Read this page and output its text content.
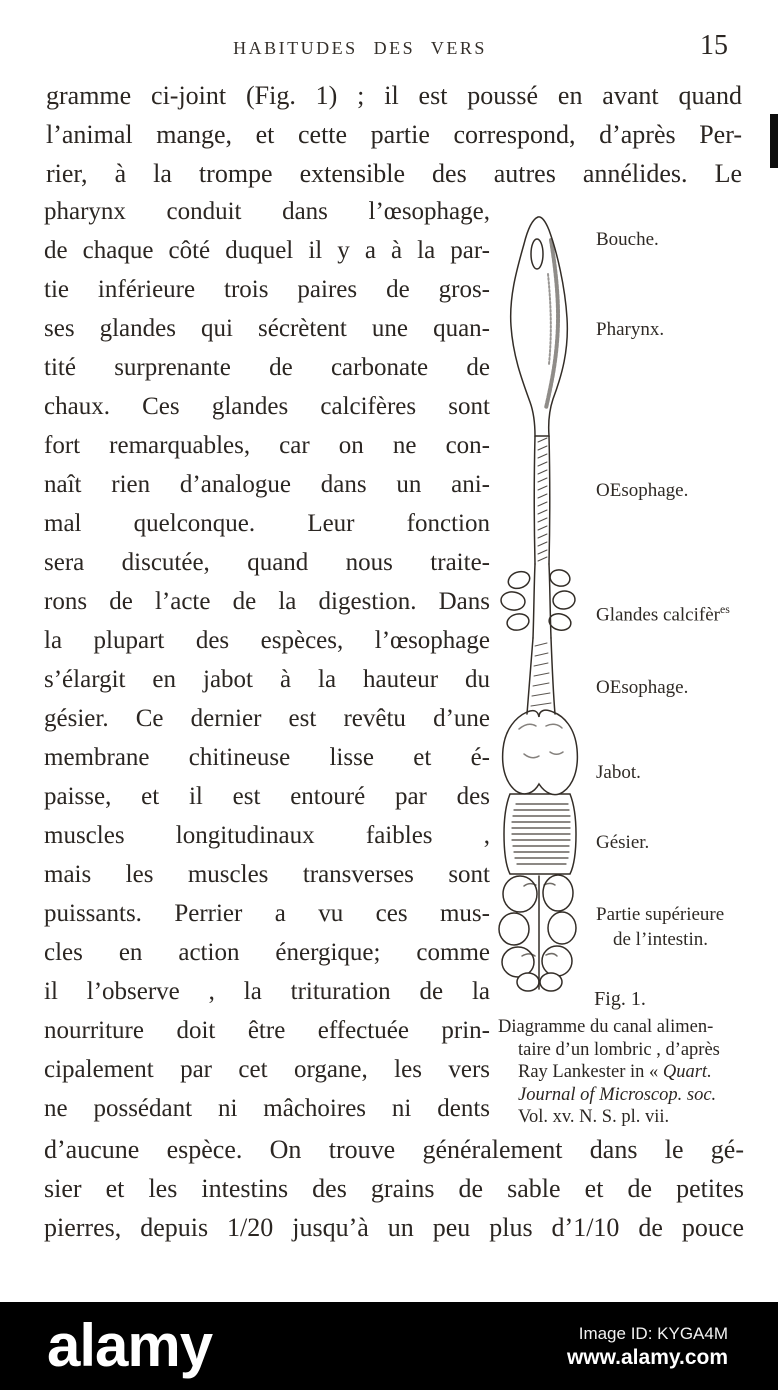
HABITUDES DES VERS	15
gramme ci-joint (Fig. 1) ; il est poussé en avant quand
l’animal mange, et cette partie correspond, d’après Per-
rier, à la trompe extensible des autres annélides. Le
pharynx conduit dans l’œsophage,
de chaque côté duquel il y a à la par-
tie inférieure trois paires de gros-
ses glandes qui sécrètent une quan-
tité surprenante de carbonate de
chaux. Ces glandes calcifères sont
fort remarquables, car on ne con-
naît rien d’analogue dans un ani-
mal quelconque. Leur fonction
sera discutée, quand nous traite-
rons de l’acte de la digestion. Dans
la plupart des espèces, l’œsophage
s’élargit en jabot à la hauteur du
gésier. Ce dernier est revêtu d’une
membrane chitineuse lisse et é-
paisse, et il est entouré par des
muscles longitudinaux faibles ,
mais les muscles transverses sont
puissants. Perrier a vu ces mus-
cles en action énergique; comme
il l’observe , la trituration de la
nourriture doit être effectuée prin-
cipalement par cet organe, les vers
ne possédant ni mâchoires ni dents
d’aucune espèce. On trouve généralement dans le gé-
sier et les intestins des grains de sable et de petites
pierres, depuis 1/20 jusqu’à un peu plus d’1/10 de pouce
Bouche.
Pharynx.
OEsophage.
Glandes calcifèr$^{es}$
OEsophage.
Jabot.
Gésier.
Partie supérieure
de l’intestin.
Fig. 1.
Diagramme du canal alimen-
taire d’un lombric , d’après
Ray Lankester in « Quart.
Journal of Microscop. soc.
Vol. xv. N. S. pl. vii.
alamy	Image ID: KYGA4M
www.alamy.com
